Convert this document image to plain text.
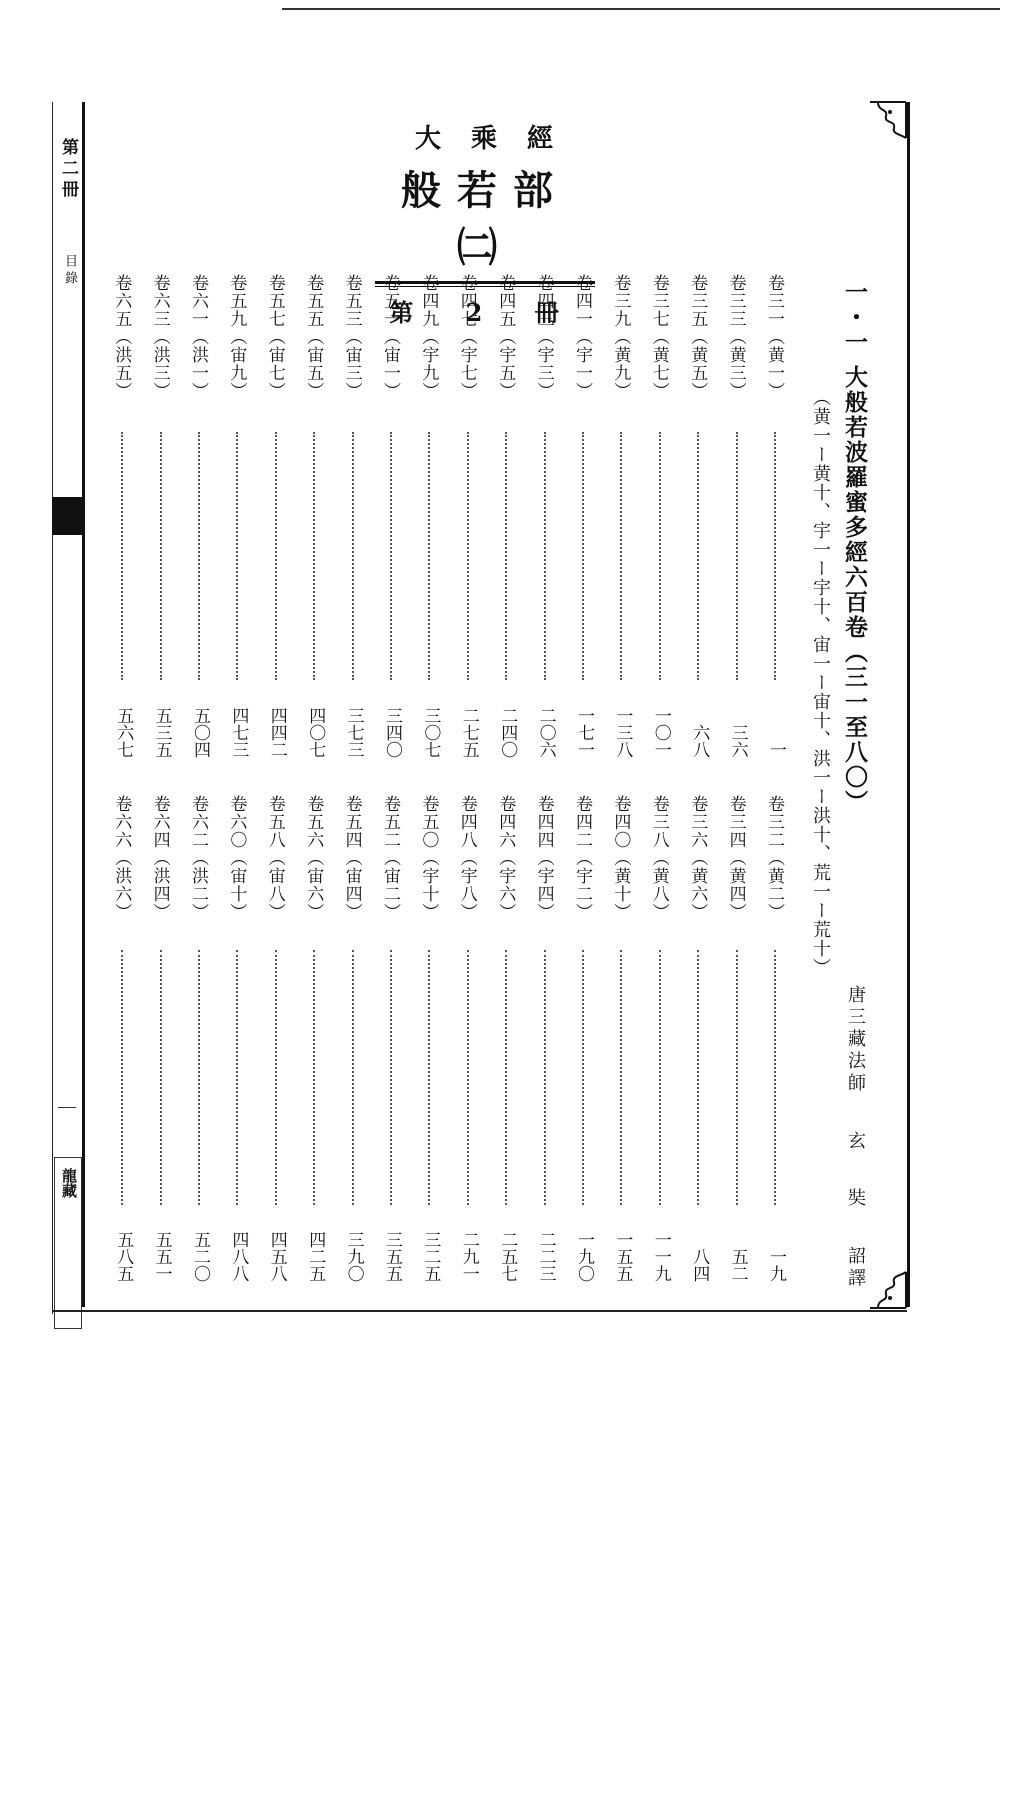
第二冊
目錄
龍藏
大乘經
般若部㈡
第 2 冊	一・一大般若波羅蜜多經六百卷（三一至八〇）
（黄一ー黄十、宇一ー宇十、宙一ー宙十、洪一ー洪十、荒一ー荒十）
唐三藏法師
玄
奘
詔譯
卷三一（黄一）
一
卷三三（黄三）
三六
卷三五（黄五）
六八
卷三七（黄七）
一〇一
卷三九（黄九）
一三八
卷四一（宇一）
一七一
卷四三（宇三）
二〇六
卷四五（宇五）
二四〇
卷四七（宇七）
二七五
卷四九（宇九）
三〇七
卷五一（宙一）
三四〇
卷五三（宙三）
三七三
卷五五（宙五）
四〇七
卷五七（宙七）
四四二
卷五九（宙九）
四七三
卷六一（洪一）
五〇四
卷六三（洪三）
五三五
卷六五（洪五）
五六七
卷三二（黄二）
一九
卷三四（黄四）
五二
卷三六（黄六）
八四
卷三八（黄八）
一一九
卷四〇（黄十）
一五五
卷四二（宇二）
一九〇
卷四四（宇四）
二二三
卷四六（宇六）
二五七
卷四八（宇八）
二九一
卷五〇（宇十）
三二五
卷五二（宙二）
三五五
卷五四（宙四）
三九〇
卷五六（宙六）
四二五
卷五八（宙八）
四五八
卷六〇（宙十）
四八八
卷六二（洪二）
五二〇
卷六四（洪四）
五五一
卷六六（洪六）
五八五
